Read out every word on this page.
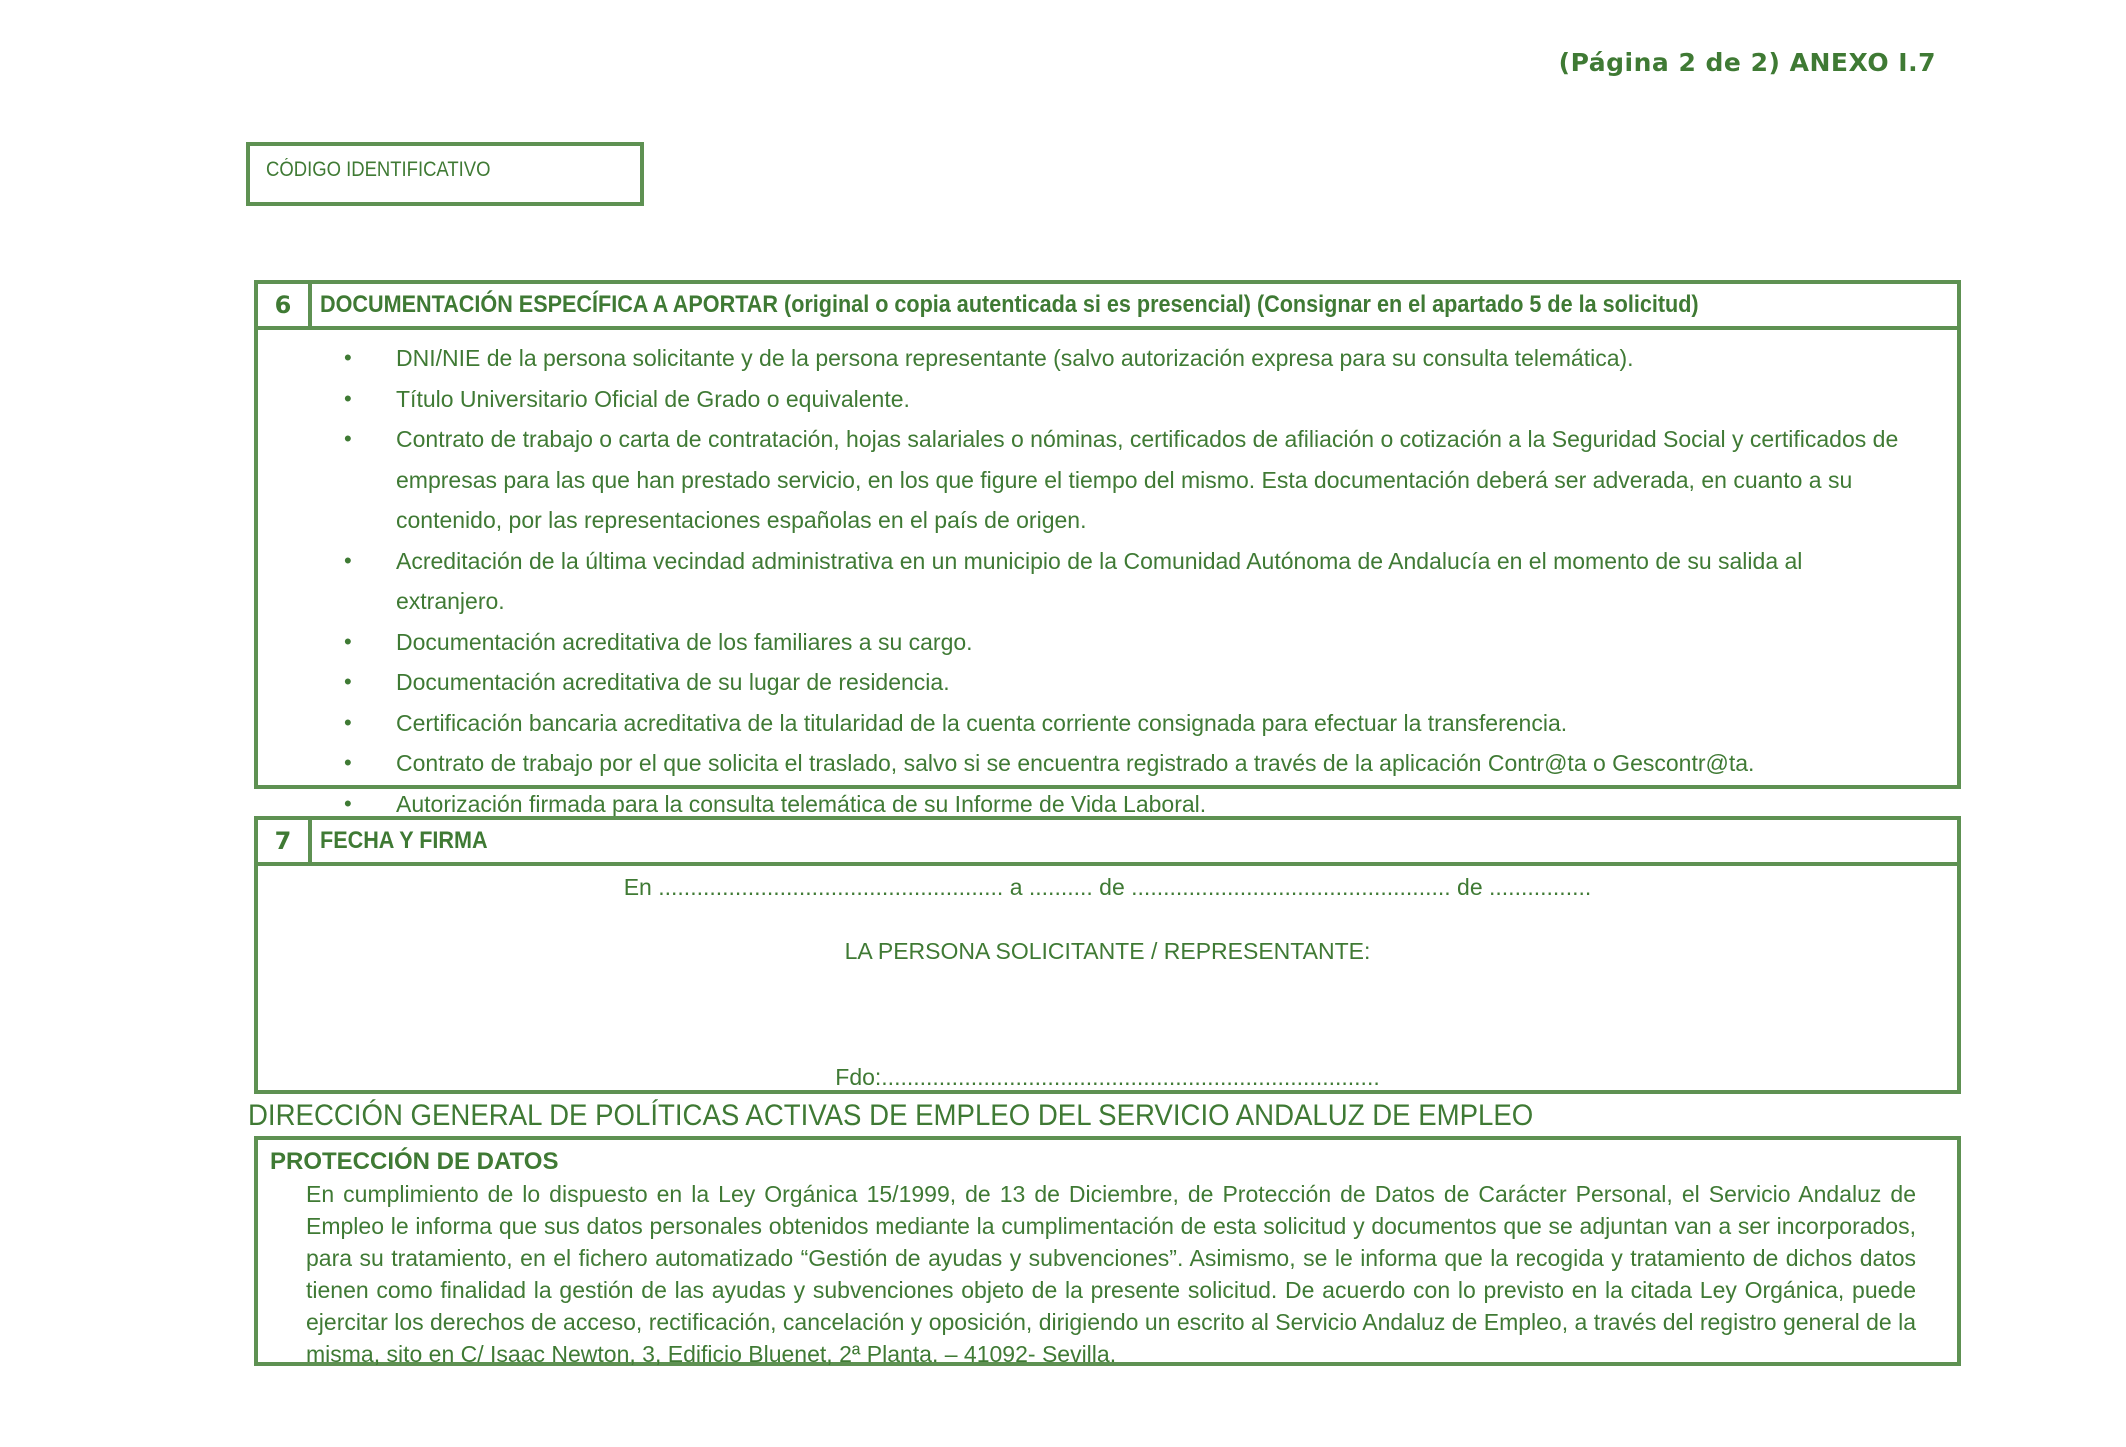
(Página 2 de 2) ANEXO I.7
CÓDIGO IDENTIFICATIVO
6	DOCUMENTACIÓN ESPECÍFICA A APORTAR (original o copia autenticada si es presencial) (Consignar en el apartado 5 de la solicitud)
• DNI/NIE de la persona solicitante y de la persona representante (salvo autorización expresa para su consulta telemática).
• Título Universitario Oficial de Grado o equivalente.
• Contrato de trabajo o carta de contratación, hojas salariales o nóminas, certificados de afiliación o cotización a la Seguridad Social y certificados de empresas para las que han prestado servicio, en los que figure el tiempo del mismo. Esta documentación deberá ser adverada, en cuanto a su contenido, por las representaciones españolas en el país de origen.
• Acreditación de la última vecindad administrativa en un municipio de la Comunidad Autónoma de Andalucía en el momento de su salida al extranjero.
• Documentación acreditativa de los familiares a su cargo.
• Documentación acreditativa de su lugar de residencia.
• Certificación bancaria acreditativa de la titularidad de la cuenta corriente consignada para efectuar la transferencia.
• Contrato de trabajo por el que solicita el traslado, salvo si se encuentra registrado a través de la aplicación Contr@ta o Gescontr@ta.
• Autorización firmada para la consulta telemática de su Informe de Vida Laboral.
7	FECHA Y FIRMA
En ...................................................... a .......... de .................................................. de ................
LA PERSONA SOLICITANTE / REPRESENTANTE:
Fdo:..............................................................................
DIRECCIÓN GENERAL DE POLÍTICAS ACTIVAS DE EMPLEO DEL SERVICIO ANDALUZ DE EMPLEO
PROTECCIÓN DE DATOS
En cumplimiento de lo dispuesto en la Ley Orgánica 15/1999, de 13 de Diciembre, de Protección de Datos de Carácter Personal, el Servicio Andaluz de Empleo le informa que sus datos personales obtenidos mediante la cumplimentación de esta solicitud y documentos que se adjuntan van a ser incorporados, para su tratamiento, en el fichero automatizado “Gestión de ayudas y subvenciones”. Asimismo, se le informa que la recogida y tratamiento de dichos datos tienen como finalidad la gestión de las ayudas y subvenciones objeto de la presente solicitud. De acuerdo con lo previsto en la citada Ley Orgánica, puede ejercitar los derechos de acceso, rectificación, cancelación y oposición, dirigiendo un escrito al Servicio Andaluz de Empleo, a través del registro general de la misma, sito en C/ Isaac Newton, 3, Edificio Bluenet, 2ª Planta. – 41092- Sevilla.
